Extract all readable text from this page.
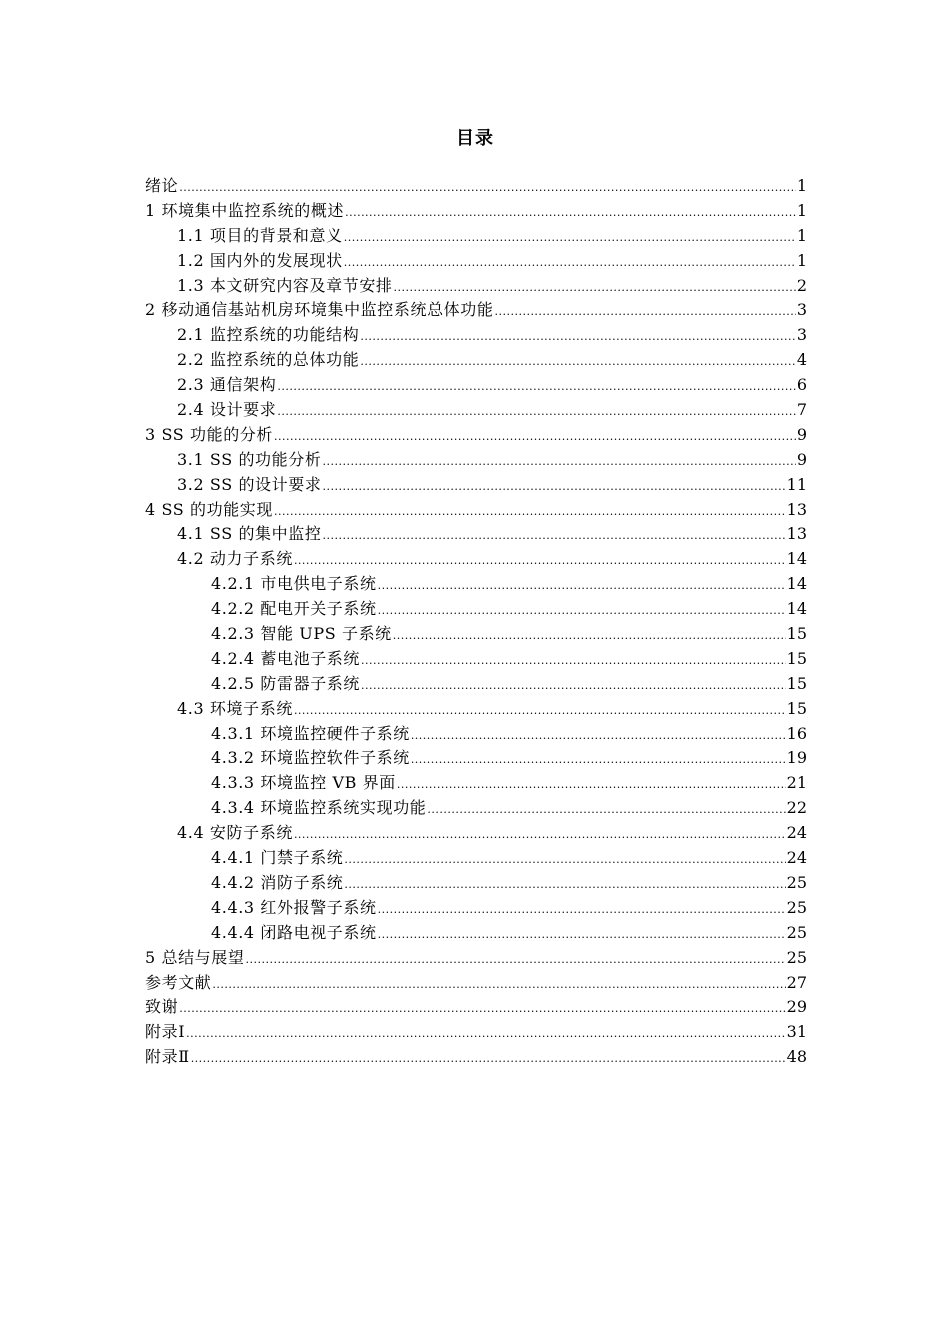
目录
绪论 .....	1
1 环境集中监控系统的概述 .....	1
1.1 项目的背景和意义 .....	1
1.2 国内外的发展现状 .....	1
1.3 本文研究内容及章节安排 .....	2
2 移动通信基站机房环境集中监控系统总体功能 .....	3
2.1 监控系统的功能结构 .....	3
2.2 监控系统的总体功能 .....	4
2.3 通信架构 .....	6
2.4 设计要求 .....	7
3 SS 功能的分析 .....	9
3.1 SS 的功能分析 .....	9
3.2 SS 的设计要求 .....	11
4 SS 的功能实现 .....	13
4.1 SS 的集中监控 .....	13
4.2 动力子系统 .....	14
4.2.1 市电供电子系统 .....	14
4.2.2 配电开关子系统 .....	14
4.2.3 智能 UPS 子系统 .....	15
4.2.4 蓄电池子系统 .....	15
4.2.5 防雷器子系统 .....	15
4.3 环境子系统 .....	15
4.3.1 环境监控硬件子系统 .....	16
4.3.2 环境监控软件子系统 .....	19
4.3.3 环境监控 VB 界面 .....	21
4.3.4 环境监控系统实现功能 .....	22
4.4 安防子系统 .....	24
4.4.1 门禁子系统 .....	24
4.4.2 消防子系统 .....	25
4.4.3 红外报警子系统 .....	25
4.4.4 闭路电视子系统 .....	25
5 总结与展望 .....	25
参考文献 .....	27
致谢 .....	29
附录Ⅰ .....	31
附录Ⅱ .....	48
